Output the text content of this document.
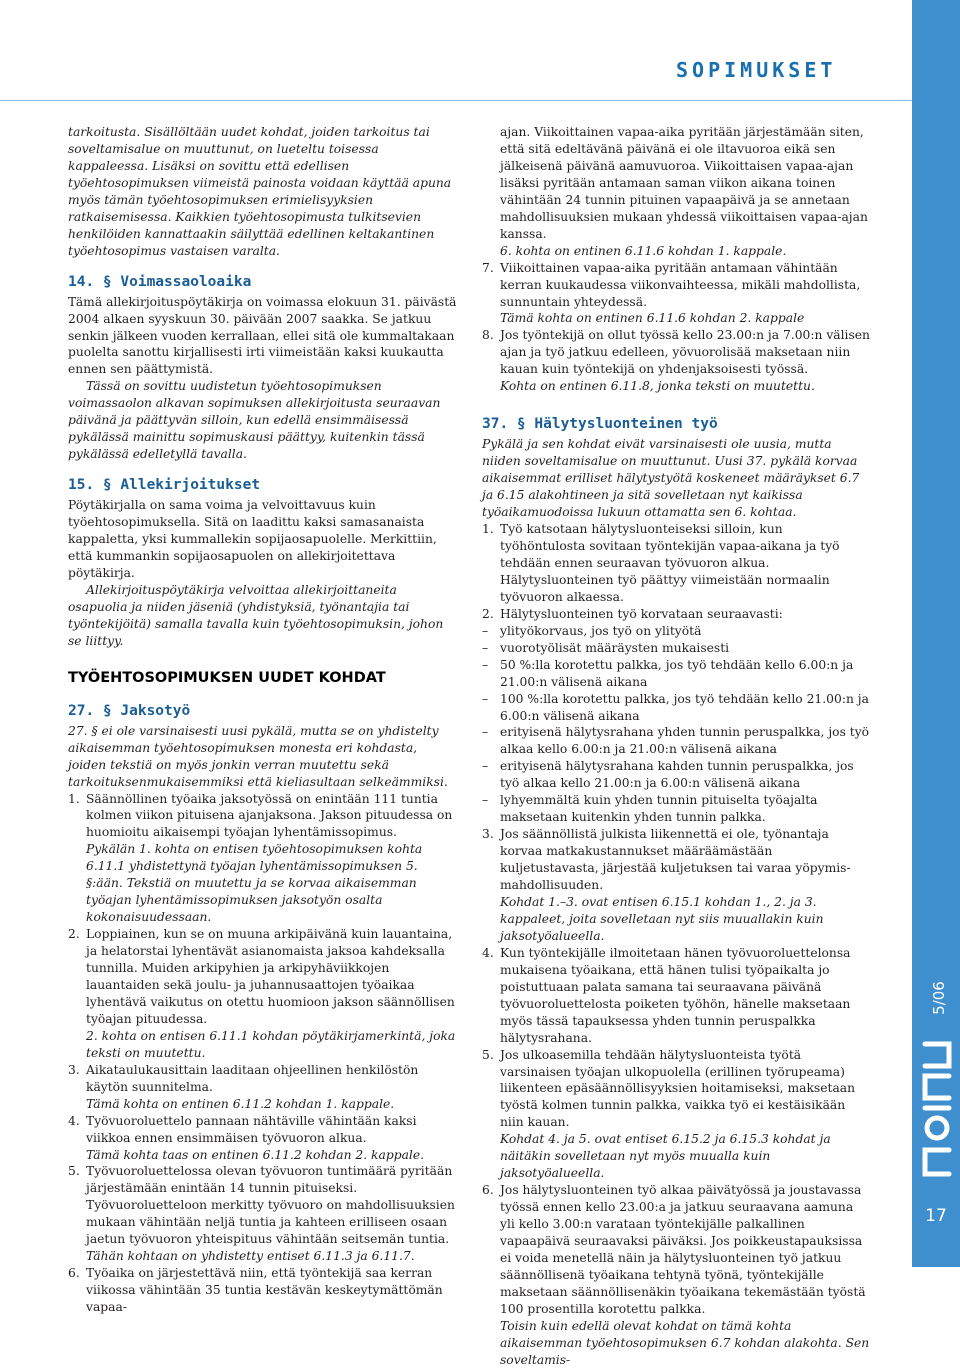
SOPIMUKSET

tarkoitusta. Sisällöltään uudet kohdat, joiden tarkoitus tai soveltamisalue on muuttunut, on lueteltu toisessa kappaleessa. Lisäksi on sovittu että edellisen työehtosopimuksen viimeistä painosta voidaan käyttää apuna myös tämän työehtosopimuksen erimielisyyksien ratkaisemisessa. Kaikkien työehtosopimusta tulkitsevien henkilöiden kannattaakin säilyttää edellinen keltakantinen työehtosopimus vastaisen varalta.

14. § Voimassaoloaika

Tämä allekirjoituspöytäkirja on voimassa elokuun 31. päivästä 2004 alkaen syyskuun 30. päivään 2007 saakka. Se jatkuu senkin jälkeen vuoden kerrallaan, ellei sitä ole kummaltakaan puolelta sanottu kirjallisesti irti viimeistään kaksi kuukautta ennen sen päättymistä.

Tässä on sovittu uudistetun työehtosopimuksen voimassaolon alkavan sopimuksen allekirjoitusta seuraavan päivänä ja päättyvän silloin, kun edellä ensimmäisessä pykälässä mainittu sopimuskausi päättyy, kuitenkin tässä pykälässä edelletyllä tavalla.

15. § Allekirjoitukset

Pöytäkirjalla on sama voima ja velvoittavuus kuin työehtosopimuksella. Sitä on laadittu kaksi samasanaista kappaletta, yksi kummallekin sopijaosapuolelle. Merkittiin, että kummankin sopijaosapuolen on allekirjoitettava pöytäkirja.

Allekirjoituspöytäkirja velvoittaa allekirjoittaneita osapuolia ja niiden jäseniä (yhdistyksiä, työnantajia tai työntekijöitä) samalla tavalla kuin työehtosopimuksin, johon se liittyy.

TYÖEHTOSOPIMUKSEN UUDET KOHDAT
27. § Jaksotyö

27. § ei ole varsinaisesti uusi pykälä, mutta se on yhdistelty aikaisemman työehtosopimuksen monesta eri kohdasta, joiden tekstiä on myös jonkin verran muutettu sekä tarkoituksenmukaisemmiksi että kieliasultaan selkeämmiksi.

1. Säännöllinen työaika jaksotyössä on enintään 111 tuntia kolmen viikon pituisena ajanjaksona. Jakson pituudessa on huomioitu aikaisempi työajan lyhentämissopimus.

Pykälän 1. kohta on entisen työehtosopimuksen kohta 6.11.1 yhdistettynä työajan lyhentämissopimuksen 5. §:ään. Tekstiä on muutettu ja se korvaa aikaisemman työajan lyhentämissopimuksen jaksotyön osalta kokonaisuudessaan.

2. Loppiainen, kun se on muuna arkipäivänä kuin lauantaina, ja helatorstai lyhentävät asianomaista jaksoa kahdeksalla tunnilla. Muiden arkipyhien ja arkipyhäviikkojen lauantaiden sekä joulu- ja juhannusaattojen työaikaa lyhentävä vaikutus on otettu huomioon jakson säännöllisen työajan pituudessa.

2. kohta on entisen 6.11.1 kohdan pöytäkirjamerkintä, joka teksti on muutettu.

3. Aikataulukausittain laaditaan ohjeellinen henkilöstön käytön suunnitelma.

Tämä kohta on entinen 6.11.2 kohdan 1. kappale.

4. Työvuoroluettelo pannaan nähtäville vähintään kaksi viikkoa ennen ensimmäisen työvuoron alkua.

Tämä kohta taas on entinen 6.11.2 kohdan 2. kappale.

5. Työvuoroluettelossa olevan työvuoron tuntimäärä pyritään järjestämään enintään 14 tunnin pituiseksi. Työvuoroluetteloon merkitty työvuoro on mahdollisuuksien mukaan vähintään neljä tuntia ja kahteen erilliseen osaan jaetun työvuoron yhteispituus vähintään seitsemän tuntia.

Tähän kohtaan on yhdistetty entiset 6.11.3 ja 6.11.7.

6. Työaika on järjestettävä niin, että työntekijä saa kerran viikossa vähintään 35 tuntia kestävän keskeytymättömän vapaa-

ajan. Viikoittainen vapaa-aika pyritään järjestämään siten, että sitä edeltävänä päivänä ei ole iltavuoroa eikä sen jälkeisenä päivänä aamuvuoroa. Viikoittaisen vapaa-ajan lisäksi pyritään antamaan saman viikon aikana toinen vähintään 24 tunnin pituinen vapaapäivä ja se annetaan mahdollisuuksien mukaan yhdessä viikoittaisen vapaa-ajan kanssa.

6. kohta on entinen 6.11.6 kohdan 1. kappale.

7. Viikoittainen vapaa-aika pyritään antamaan vähintään kerran kuukaudessa viikonvaihteessa, mikäli mahdollista, sunnuntain yhteydessä.

Tämä kohta on entinen 6.11.6 kohdan 2. kappale

8. Jos työntekijä on ollut työssä kello 23.00:n ja 7.00:n välisen ajan ja työ jatkuu edelleen, yövuorolisää maksetaan niin kauan kuin työntekijä on yhdenjaksoisesti työssä.

Kohta on entinen 6.11.8, jonka teksti on muutettu.

37. § Hälytysluonteinen työ

Pykälä ja sen kohdat eivät varsinaisesti ole uusia, mutta niiden soveltamisalue on muuttunut. Uusi 37. pykälä korvaa aikaisemmat erilliset hälytystyötä koskeneet määräykset 6.7 ja 6.15 alakohtineen ja sitä sovelletaan nyt kaikissa työaikamuodoissa lukuun ottamatta sen 6. kohtaa.

1. Työ katsotaan hälytysluonteiseksi silloin, kun työhöntulosta sovitaan työntekijän vapaa-aikana ja työ tehdään ennen seuraavan työvuoron alkua. Hälytysluonteinen työ päättyy viimeistään normaalin työvuoron alkaessa.
2. Hälytysluonteinen työ korvataan seuraavasti:
– ylityökorvaus, jos työ on ylityötä
– vuorotyölisät määräysten mukaisesti
– 50 %:lla korotettu palkka, jos työ tehdään kello 6.00:n ja 21.00:n välisenä aikana
– 100 %:lla korotettu palkka, jos työ tehdään kello 21.00:n ja 6.00:n välisenä aikana
– erityisenä hälytysrahana yhden tunnin peruspalkka, jos työ alkaa kello 6.00:n ja 21.00:n välisenä aikana
– erityisenä hälytysrahana kahden tunnin peruspalkka, jos työ alkaa kello 21.00:n ja 6.00:n välisenä aikana
– lyhyemmältä kuin yhden tunnin pituiselta työajalta maksetaan kuitenkin yhden tunnin palkka.
3. Jos säännöllistä julkista liikennettä ei ole, työnantaja korvaa matkakustannukset määräämästään kuljetustavasta, järjestää kuljetuksen tai varaa yöpymis-mahdollisuuden.

Kohdat 1.–3. ovat entisen 6.15.1 kohdan 1., 2. ja 3. kappaleet, joita sovelletaan nyt siis muuallakin kuin jaksotyöalueella.

4. Kun työntekijälle ilmoitetaan hänen työvuoroluettelonsa mukaisena työaikana, että hänen tulisi työpaikalta jo poistuttuaan palata samana tai seuraavana päivänä työvuoroluettelosta poiketen työhön, hänelle maksetaan myös tässä tapauksessa yhden tunnin peruspalkka hälytysrahana.
5. Jos ulkoasemilla tehdään hälytysluonteista työtä varsinaisen työajan ulkopuolella (erillinen työrupeama) liikenteen epäsäännöllisyyksien hoitamiseksi, maksetaan työstä kolmen tunnin palkka, vaikka työ ei kestäisikään niin kauan.

Kohdat 4. ja 5. ovat entiset 6.15.2 ja 6.15.3 kohdat ja näitäkin sovelletaan nyt myös muualla kuin jaksotyöalueella.

6. Jos hälytysluonteinen työ alkaa päivätyössä ja joustavassa työssä ennen kello 23.00:a ja jatkuu seuraavana aamuna yli kello 3.00:n varataan työntekijälle palkallinen vapaapäivä seuraavaksi päiväksi. Jos poikkeustapauksissa ei voida menetellä näin ja hälytysluonteinen työ jatkuu säännöllisenä työaikana tehtynä työnä, työntekijälle maksetaan säännöllisenäkin työaikana tekemästään työstä 100 prosentilla korotettu palkka.

Toisin kuin edellä olevat kohdat on tämä kohta aikaisemman työehtosopimuksen 6.7 kohdan alakohta. Sen soveltamis-

5/06
17
